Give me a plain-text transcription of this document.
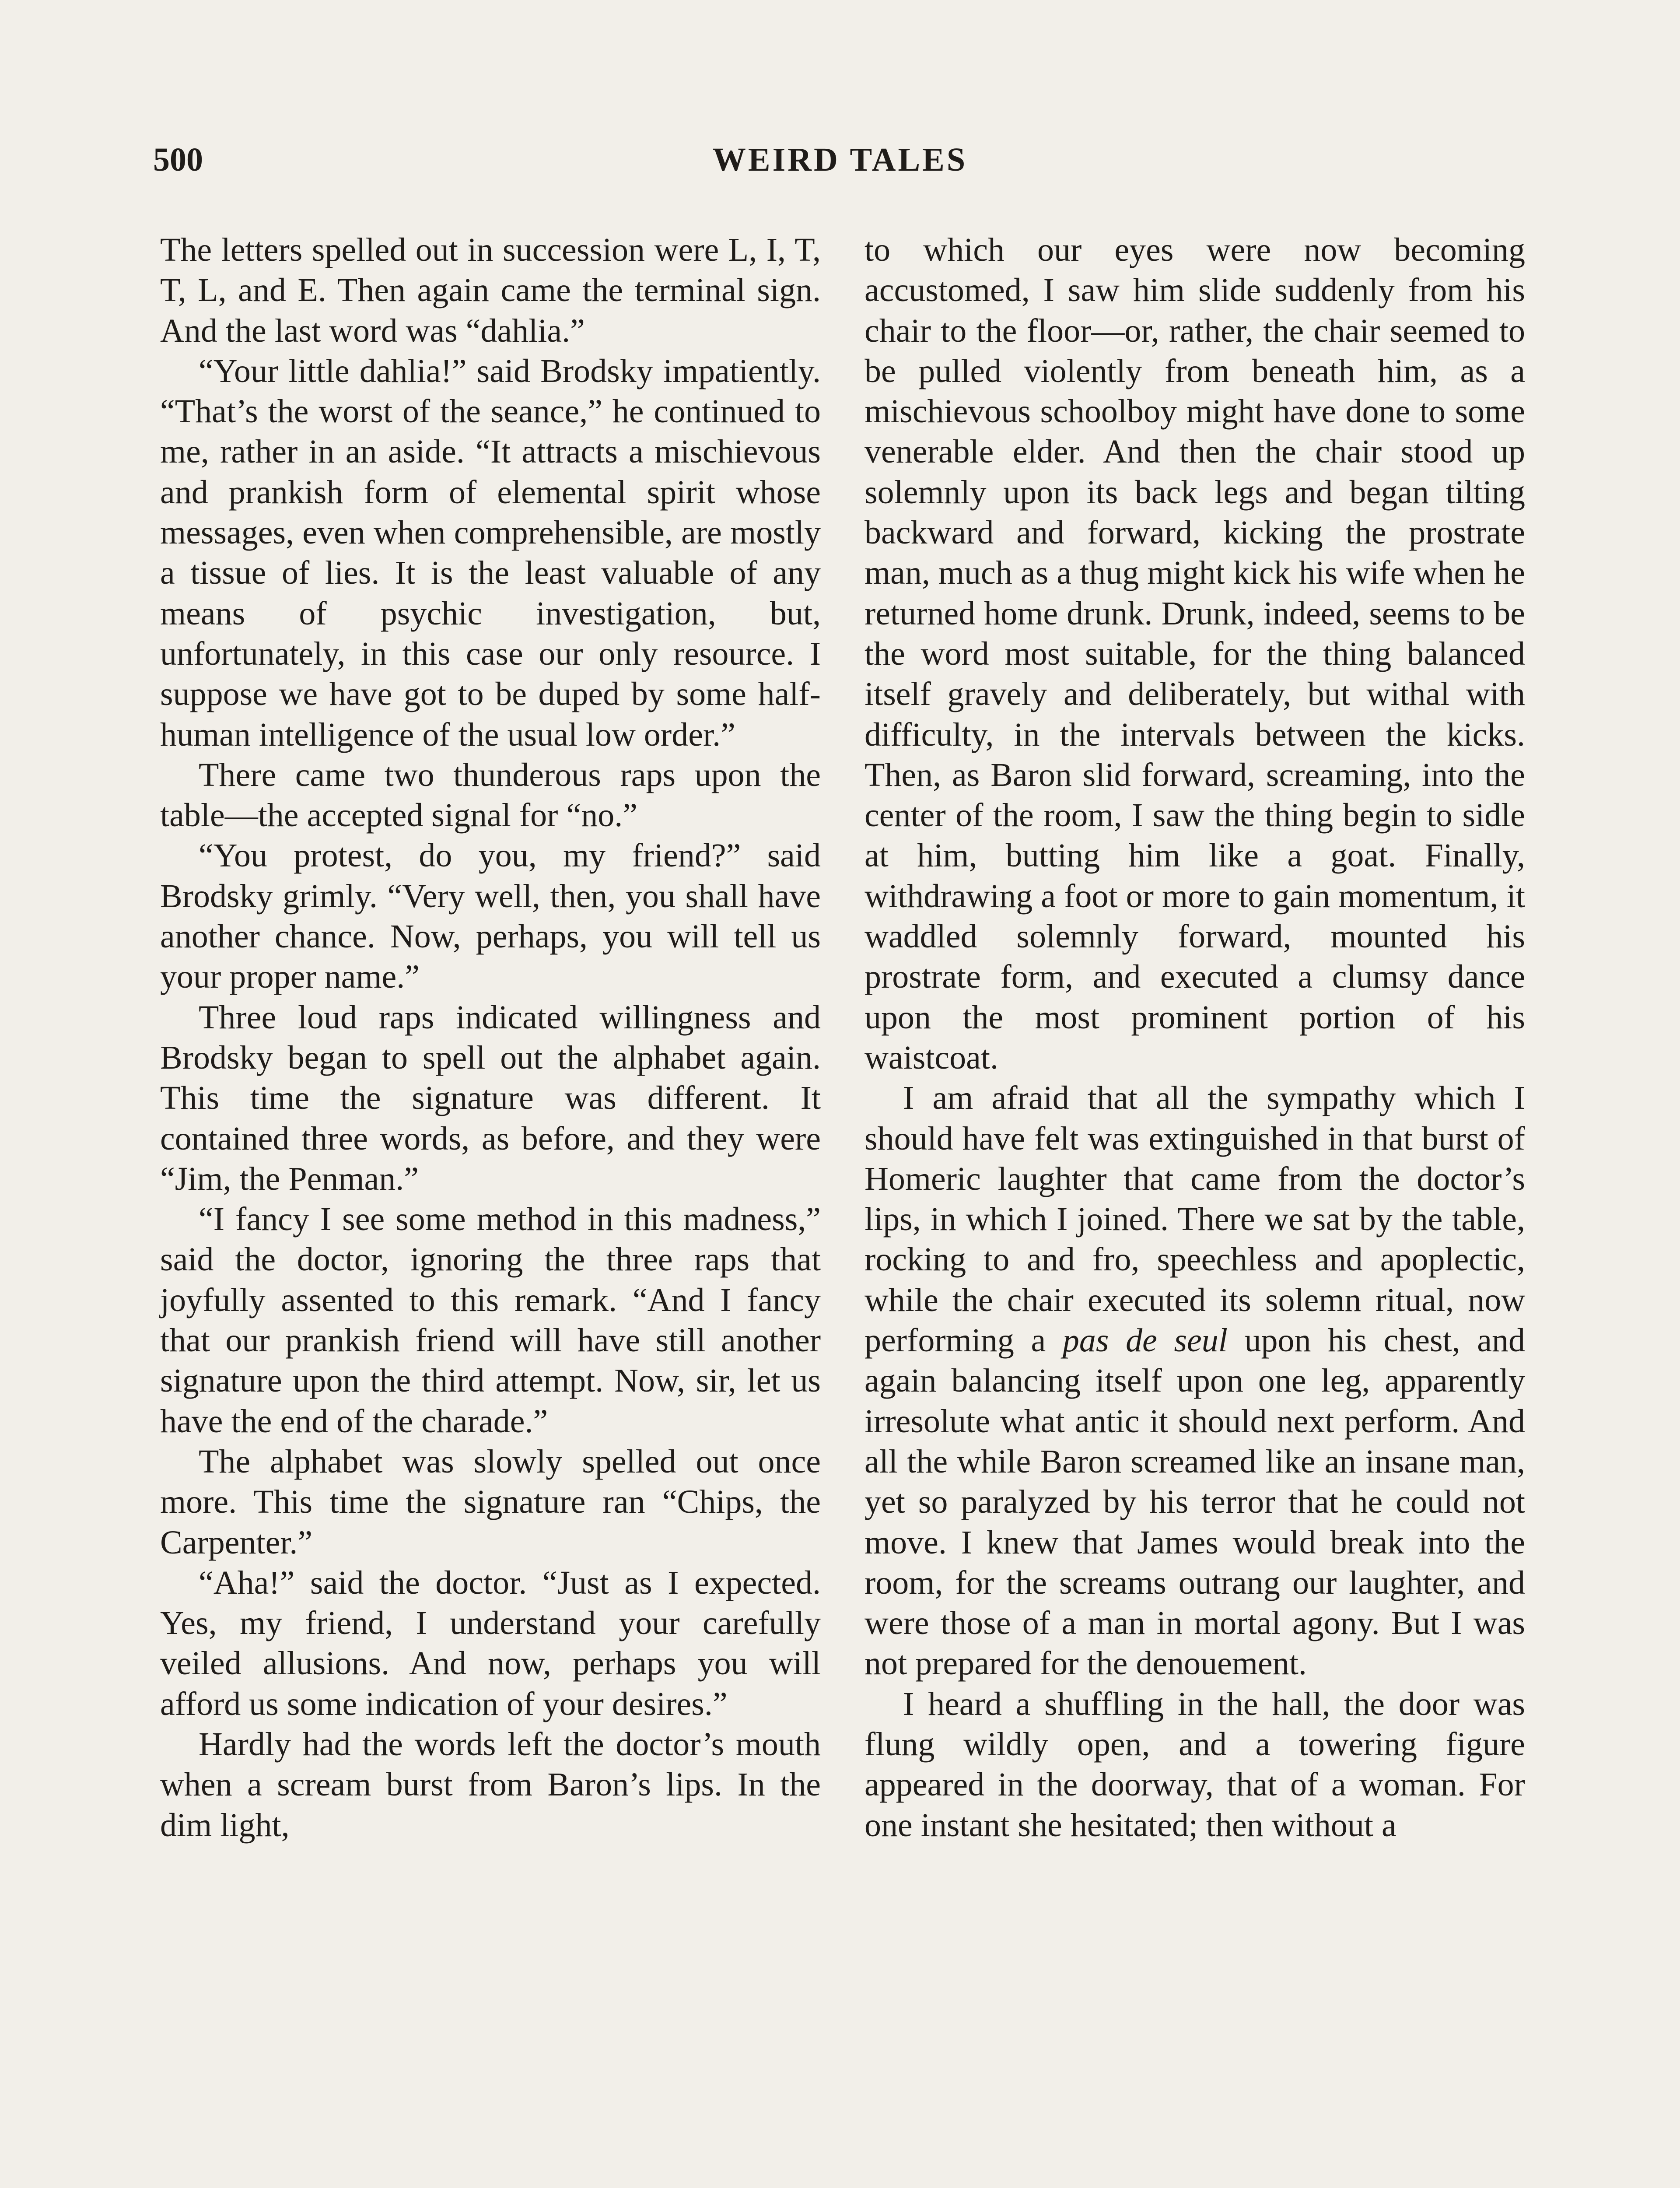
500	WEIRD TALES

The letters spelled out in succession were L, I, T, T, L, and E. Then again came the terminal sign. And the last word was “dahlia.”

“Your little dahlia!” said Brodsky impatiently. “That’s the worst of the seance,” he continued to me, rather in an aside. “It attracts a mischievous and prankish form of elemental spirit whose messages, even when comprehensible, are mostly a tissue of lies. It is the least valuable of any means of psychic investigation, but, unfortunately, in this case our only resource. I suppose we have got to be duped by some half-human intelligence of the usual low order.”

There came two thunderous raps upon the table—the accepted signal for “no.”

“You protest, do you, my friend?” said Brodsky grimly. “Very well, then, you shall have another chance. Now, perhaps, you will tell us your proper name.”

Three loud raps indicated willingness and Brodsky began to spell out the alphabet again. This time the signature was different. It contained three words, as before, and they were “Jim, the Penman.”

“I fancy I see some method in this madness,” said the doctor, ignoring the three raps that joyfully assented to this remark. “And I fancy that our prankish friend will have still another signature upon the third attempt. Now, sir, let us have the end of the charade.”

The alphabet was slowly spelled out once more. This time the signature ran “Chips, the Carpenter.”

“Aha!” said the doctor. “Just as I expected. Yes, my friend, I understand your carefully veiled allusions. And now, perhaps you will afford us some indication of your desires.”

Hardly had the words left the doctor’s mouth when a scream burst from Baron’s lips. In the dim light,

to which our eyes were now becoming accustomed, I saw him slide suddenly from his chair to the floor—or, rather, the chair seemed to be pulled violently from beneath him, as a mischievous schoolboy might have done to some venerable elder. And then the chair stood up solemnly upon its back legs and began tilting backward and forward, kicking the prostrate man, much as a thug might kick his wife when he returned home drunk. Drunk, indeed, seems to be the word most suitable, for the thing balanced itself gravely and deliberately, but withal with difficulty, in the intervals between the kicks. Then, as Baron slid forward, screaming, into the center of the room, I saw the thing begin to sidle at him, butting him like a goat. Finally, withdrawing a foot or more to gain momentum, it waddled solemnly forward, mounted his prostrate form, and executed a clumsy dance upon the most prominent portion of his waistcoat.

I am afraid that all the sympathy which I should have felt was extinguished in that burst of Homeric laughter that came from the doctor’s lips, in which I joined. There we sat by the table, rocking to and fro, speechless and apoplectic, while the chair executed its solemn ritual, now performing a pas de seul upon his chest, and again balancing itself upon one leg, apparently irresolute what antic it should next perform. And all the while Baron screamed like an insane man, yet so paralyzed by his terror that he could not move. I knew that James would break into the room, for the screams outrang our laughter, and were those of a man in mortal agony. But I was not prepared for the denouement.

I heard a shuffling in the hall, the door was flung wildly open, and a towering figure appeared in the doorway, that of a woman. For one instant she hesitated; then without a
